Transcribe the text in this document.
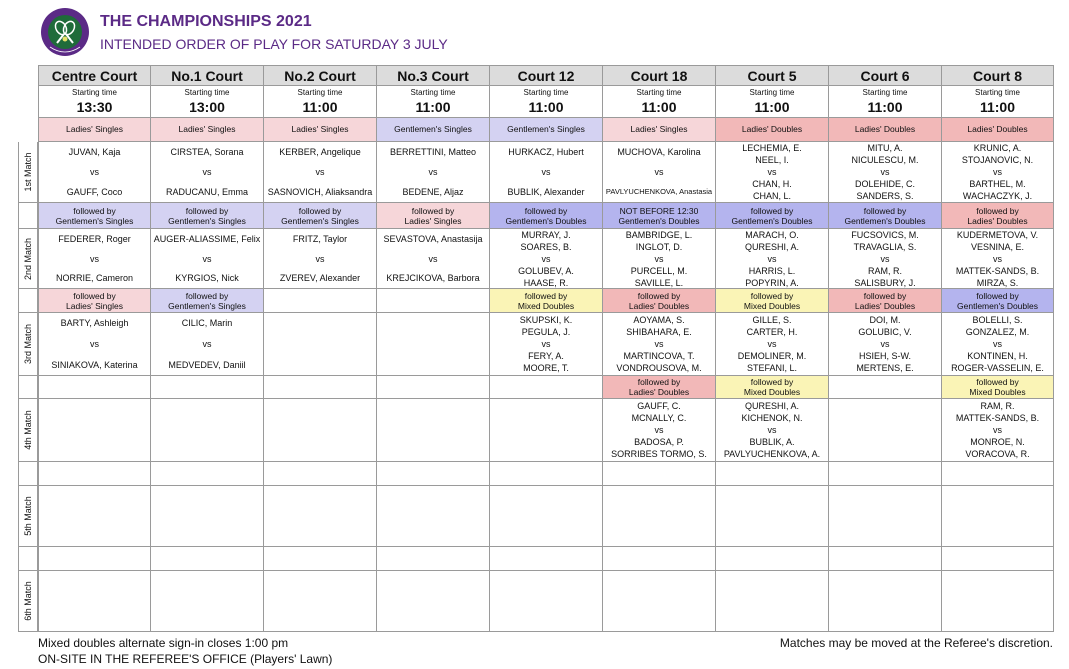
THE CHAMPIONSHIPS 2021
INTENDED ORDER OF PLAY FOR SATURDAY 3 JULY
1st Match
2nd Match
3rd Match
4th Match
5th Match
6th Match
Centre Court
Starting time
13:30
Ladies' Singles
JUVAN, Kaja
vs
GAUFF, Coco
followed by
Gentlemen's Singles
FEDERER, Roger
vs
NORRIE, Cameron
followed by
Ladies' Singles
BARTY, Ashleigh
vs
SINIAKOVA, Katerina
No.1 Court
Starting time
13:00
Ladies' Singles
CIRSTEA, Sorana
vs
RADUCANU, Emma
followed by
Gentlemen's Singles
AUGER-ALIASSIME, Felix
vs
KYRGIOS, Nick
followed by
Gentlemen's Singles
CILIC, Marin
vs
MEDVEDEV, Daniil
No.2 Court
Starting time
11:00
Ladies' Singles
KERBER, Angelique
vs
SASNOVICH, Aliaksandra
followed by
Gentlemen's Singles
FRITZ, Taylor
vs
ZVEREV, Alexander
No.3 Court
Starting time
11:00
Gentlemen's Singles
BERRETTINI, Matteo
vs
BEDENE, Aljaz
followed by
Ladies' Singles
SEVASTOVA, Anastasija
vs
KREJCIKOVA, Barbora
Court 12
Starting time
11:00
Gentlemen's Singles
HURKACZ, Hubert
vs
BUBLIK, Alexander
followed by
Gentlemen's Doubles
MURRAY, J.
SOARES, B.
vs
GOLUBEV, A.
HAASE, R.
followed by
Mixed Doubles
SKUPSKI, K.
PEGULA, J.
vs
FERY, A.
MOORE, T.
Court 18
Starting time
11:00
Ladies' Singles
MUCHOVA, Karolina
vs
PAVLYUCHENKOVA, Anastasia
NOT BEFORE 12:30
Gentlemen's Doubles
BAMBRIDGE, L.
INGLOT, D.
vs
PURCELL, M.
SAVILLE, L.
followed by
Ladies' Doubles
AOYAMA, S.
SHIBAHARA, E.
vs
MARTINCOVA, T.
VONDROUSOVA, M.
followed by
Ladies' Doubles
GAUFF, C.
MCNALLY, C.
vs
BADOSA, P.
SORRIBES TORMO, S.
Court 5
Starting time
11:00
Ladies' Doubles
LECHEMIA, E.
NEEL, I.
vs
CHAN, H.
CHAN, L.
followed by
Gentlemen's Doubles
MARACH, O.
QURESHI, A.
vs
HARRIS, L.
POPYRIN, A.
followed by
Mixed Doubles
GILLE, S.
CARTER, H.
vs
DEMOLINER, M.
STEFANI, L.
followed by
Mixed Doubles
QURESHI, A.
KICHENOK, N.
vs
BUBLIK, A.
PAVLYUCHENKOVA, A.
Court 6
Starting time
11:00
Ladies' Doubles
MITU, A.
NICULESCU, M.
vs
DOLEHIDE, C.
SANDERS, S.
followed by
Gentlemen's Doubles
FUCSOVICS, M.
TRAVAGLIA, S.
vs
RAM, R.
SALISBURY, J.
followed by
Ladies' Doubles
DOI, M.
GOLUBIC, V.
vs
HSIEH, S-W.
MERTENS, E.
Court 8
Starting time
11:00
Ladies' Doubles
KRUNIC, A.
STOJANOVIC, N.
vs
BARTHEL, M.
WACHACZYK, J.
followed by
Ladies' Doubles
KUDERMETOVA, V.
VESNINA, E.
vs
MATTEK-SANDS, B.
MIRZA, S.
followed by
Gentlemen's Doubles
BOLELLI, S.
GONZALEZ, M.
vs
KONTINEN, H.
ROGER-VASSELIN, E.
followed by
Mixed Doubles
RAM, R.
MATTEK-SANDS, B.
vs
MONROE, N.
VORACOVA, R.
Mixed doubles alternate sign-in closes 1:00 pm
ON-SITE IN THE REFEREE'S OFFICE (Players' Lawn)
Matches may be moved at the Referee's discretion.
